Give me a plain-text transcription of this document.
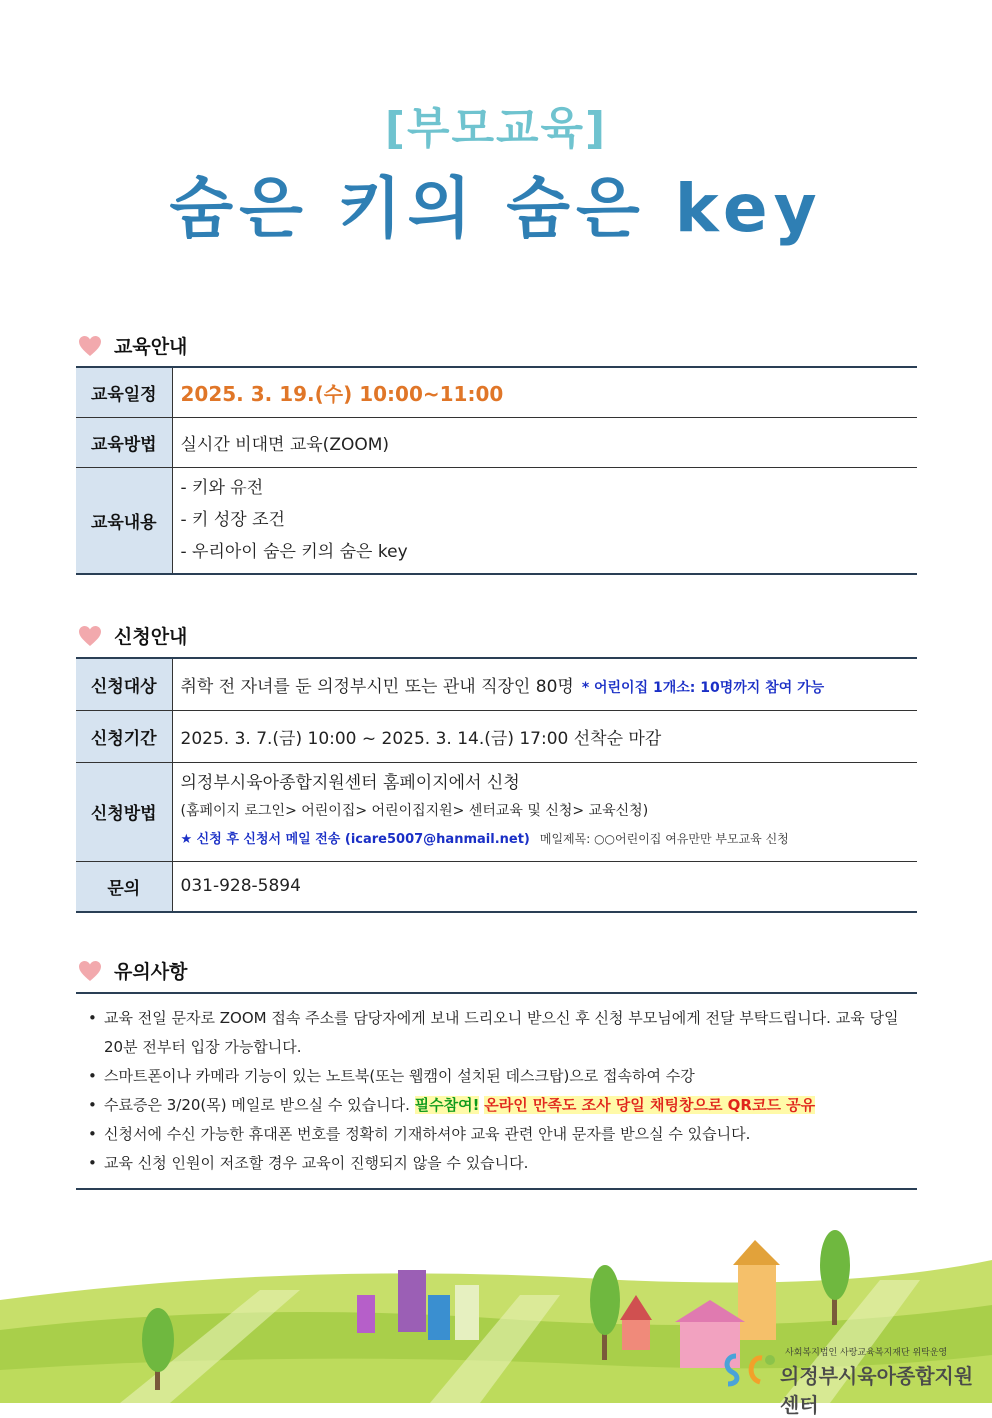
[부모교육]
숨은 키의 숨은 key
교육안내
교육일정	2025. 3. 19.(수) 10:00~11:00
교육방법	실시간 비대면 교육(ZOOM)
교육내용	- 키와 유전
- 키 성장 조건
- 우리아이 숨은 키의 숨은 key
신청안내
신청대상	취학 전 자녀를 둔 의정부시민 또는 관내 직장인 80명 * 어린이집 1개소: 10명까지 참여 가능
신청기간	2025. 3. 7.(금) 10:00 ~ 2025. 3. 14.(금) 17:00 선착순 마감
신청방법	의정부시육아종합지원센터 홈페이지에서 신청
(홈페이지 로그인> 어린이집> 어린이집지원> 센터교육 및 신청> 교육신청)
★ 신청 후 신청서 메일 전송 (icare5007@hanmail.net) 메일제목: ○○어린이집 여유만만 부모교육 신청

문의	031-928-5894
유의사항
• 교육 전일 문자로 ZOOM 접속 주소를 담당자에게 보내 드리오니 받으신 후 신청 부모님에게 전달 부탁드립니다. 교육 당일 20분 전부터 입장 가능합니다.
• 스마트폰이나 카메라 기능이 있는 노트북(또는 웹캠이 설치된 데스크탑)으로 접속하여 수강
• 수료증은 3/20(목) 메일로 받으실 수 있습니다. 필수참여! 온라인 만족도 조사 당일 채팅창으로 QR코드 공유
• 신청서에 수신 가능한 휴대폰 번호를 정확히 기재하셔야 교육 관련 안내 문자를 받으실 수 있습니다.
• 교육 신청 인원이 저조할 경우 교육이 진행되지 않을 수 있습니다.
사회복지법인 사랑교육복지재단 위탁운영
의정부시육아종합지원센터
